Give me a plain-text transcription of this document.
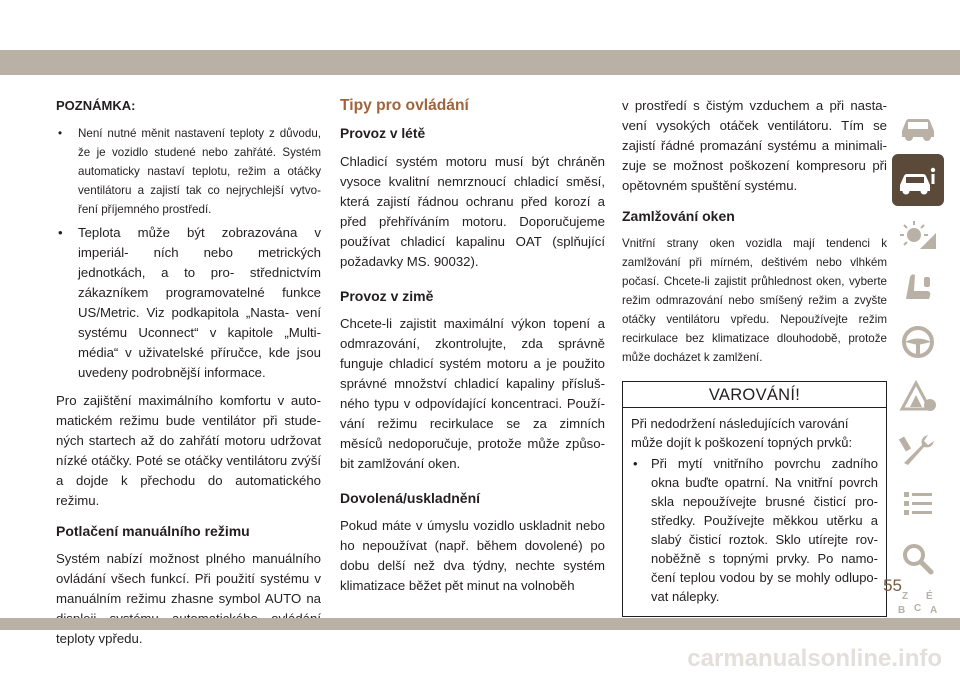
POZNÁMKA:
• Není nutné měnit nastavení teploty z důvodu, že je vozidlo studené nebo zahřáté. Systém automaticky nastaví teplotu, režim a otáčky ventilátoru a zajistí tak co nejrychlejší vytvo- ření příjemného prostředí.
• Teplota může být zobrazována v imperiál- ních nebo metrických jednotkách, a to pro- střednictvím zákazníkem programovatelné funkce US/Metric. Viz podkapitola „Nasta- vení systému Uconnect“ v kapitole „Multi- média“ v uživatelské příručce, kde jsou uvedeny podrobnější informace.
Pro zajištění maximálního komfortu v auto- matickém režimu bude ventilátor při stude- ných startech až do zahřátí motoru udržovat nízké otáčky. Poté se otáčky ventilátoru zvýší a dojde k přechodu do automatického režimu.
Potlačení manuálního režimu
Systém nabízí možnost plného manuálního ovládání všech funkcí. Při použití systému v manuálním režimu zhasne symbol AUTO na teploty vpředu.
Tipy pro ovládání
Provoz v létě
Chladicí systém motoru musí být chráněn vysoce kvalitní nemrznoucí chladicí směsí, která zajistí řádnou ochranu před korozí a před přehříváním motoru. Doporučujeme používat chladicí kapalinu OAT (splňující požadavky MS. 90032).
Provoz v zimě
Chcete-li zajistit maximální výkon topení a odmrazování, zkontrolujte, zda správně funguje chladicí systém motoru a je použito správné množství chladicí kapaliny přísluš- ného typu v odpovídající koncentraci. Použí- vání režimu recirkulace se za zimních měsíců nedoporučuje, protože může způso- bit zamlžování oken.
Dovolená/uskladnění
Pokud máte v úmyslu vozidlo uskladnit nebo ho nepoužívat (např. během dovolené) po dobu delší než dva týdny, nechte systém klimatizace běžet pět minut na volnoběh
v prostředí s čistým vzduchem a při nasta- vení vysokých otáček ventilátoru. Tím se zajistí řádné promazání systému a minimali- zuje se možnost poškození kompresoru při opětovném spuštění systému.
Zamlžování oken
Vnitřní strany oken vozidla mají tendenci k zamlžování při mírném, deštivém nebo vlhkém počasí. Chcete-li zajistit průhlednost oken, vyberte režim odmrazování nebo smíšený režim a zvyšte otáčky ventilátoru vpředu. Nepoužívejte režim recirkulace bez klimatizace dlouhodobě, protože může docházet k zamlžení.
VAROVÁNÍ!
Při nedodržení následujících varování může dojít k poškození topných prvků:
• Při mytí vnitřního povrchu zadního okna buďte opatrní. Na vnitřní povrch skla nepoužívejte brusné čisticí pro- středky. Používejte měkkou utěrku a slabý čisticí roztok. Sklo utírejte rov- noběžně s topnými prvky. Po namo- čení teplou vodou by se mohly odlupo- vat nálepky.	Z É
B A
C
55
carmanualsonline.info
